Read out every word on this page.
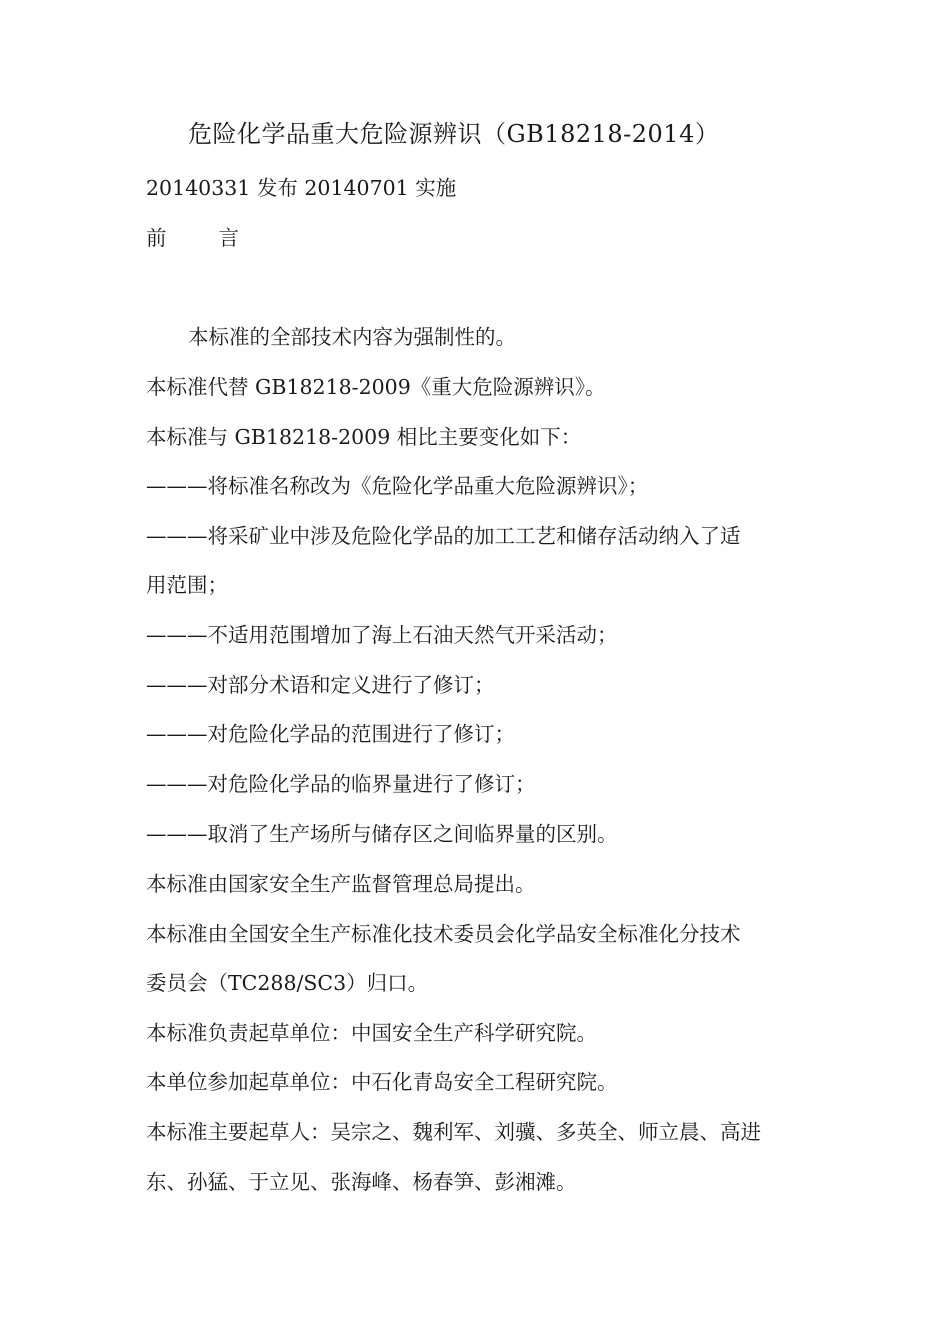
危险化学品重大危险源辨识（GB18218-2014）
20140331 发布 20140701 实施
前	言
本标准的全部技术内容为强制性的。
本标准代替 GB18218-2009《重大危险源辨识》。
本标准与 GB18218-2009 相比主要变化如下：
———将标准名称改为《危险化学品重大危险源辨识》；
———将采矿业中涉及危险化学品的加工工艺和储存活动纳入了适
用范围；
———不适用范围增加了海上石油天然气开采活动；
———对部分术语和定义进行了修订；
———对危险化学品的范围进行了修订；
———对危险化学品的临界量进行了修订；
———取消了生产场所与储存区之间临界量的区别。
本标准由国家安全生产监督管理总局提出。
本标准由全国安全生产标准化技术委员会化学品安全标准化分技术
委员会（TC288/SC3）归口。
本标准负责起草单位：中国安全生产科学研究院。
本单位参加起草单位：中石化青岛安全工程研究院。
本标准主要起草人：吴宗之、魏利军、刘骥、多英全、师立晨、高进
东、孙猛、于立见、张海峰、杨春笋、彭湘滩。
